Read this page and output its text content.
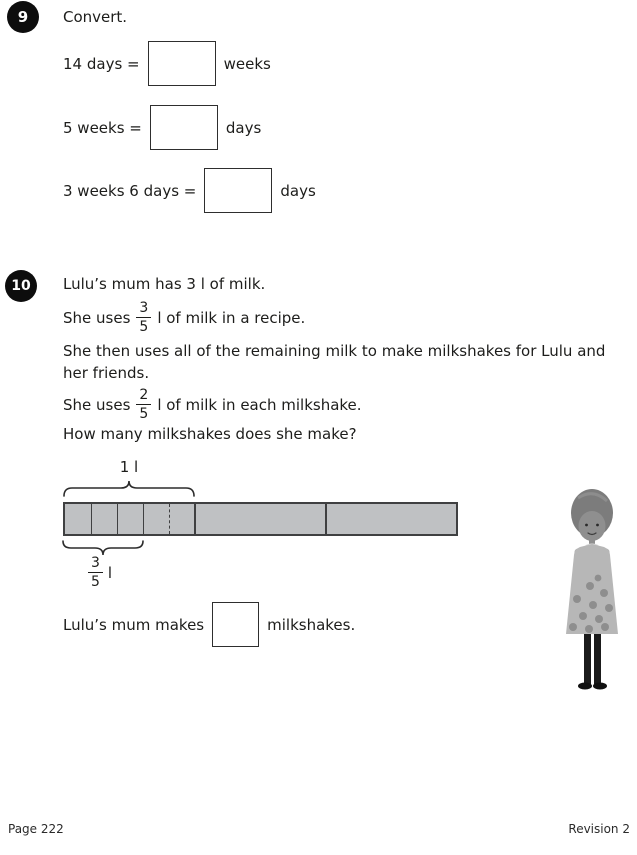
9 Convert.
14 days =	weeks
5 weeks =	days
3 weeks 6 days =	days
10 Lulu’s mum has 3 l of milk.
She uses $\frac{3}{5}$ l of milk in a recipe.
She then uses all of the remaining milk to make milkshakes for Lulu and
her friends.
She uses $\frac{2}{5}$ l of milk in each milkshake.
How many milkshakes does she make?
1 l
$\frac{3}{5}$ l
Lulu’s mum makes	milkshakes.
Page 222	Revision 2
